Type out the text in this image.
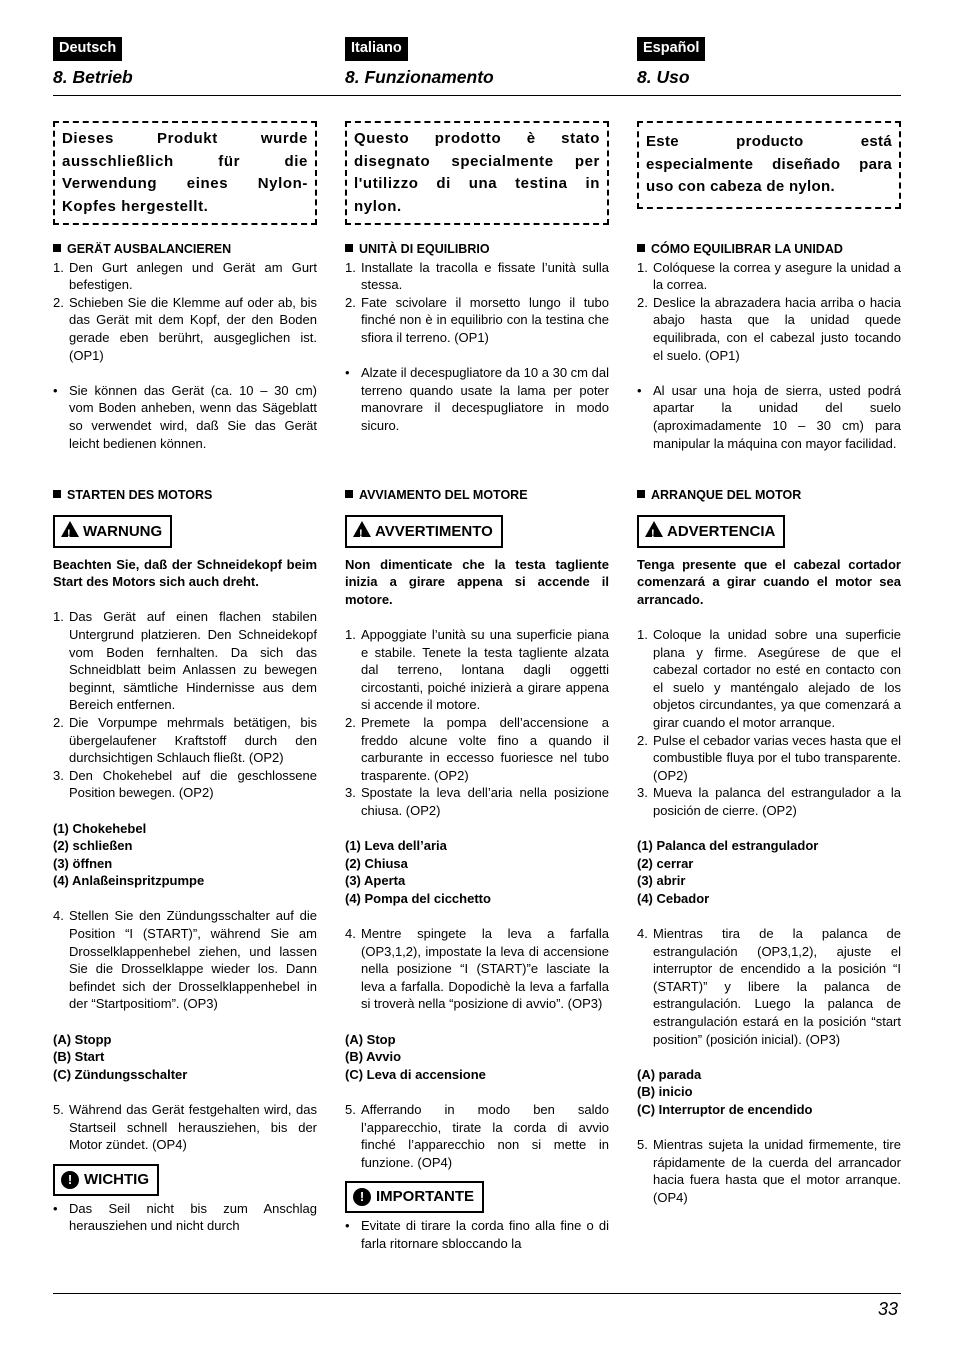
Deutsch
8. Betrieb
Dieses Produkt wurde ausschließlich für die Verwendung eines Nylon-Kopfes hergestellt.
GERÄT AUSBALANCIEREN
1. Den Gurt anlegen und Gerät am Gurt befestigen.
2. Schieben Sie die Klemme auf oder ab, bis das Gerät mit dem Kopf, der den Boden gerade eben berührt, ausgeglichen ist. (OP1)
• Sie können das Gerät (ca. 10 – 30 cm) vom Boden anheben, wenn das Sägeblatt so verwendet wird, daß Sie das Gerät leicht bedienen können.
STARTEN DES MOTORS
!WARNUNG
Beachten Sie, daß der Schneidekopf beim Start des Motors sich auch dreht.
1. Das Gerät auf einen flachen stabilen Untergrund platzieren. Den Schneidekopf vom Boden fernhalten. Da sich das Schneidblatt beim Anlassen zu bewegen beginnt, sämtliche Hindernisse aus dem Bereich entfernen.
2. Die Vorpumpe mehrmals betätigen, bis übergelaufener Kraftstoff durch den durchsichtigen Schlauch fließt. (OP2)
3. Den Chokehebel auf die geschlossene Position bewegen. (OP2)
(1) Chokehebel
(2) schließen
(3) öffnen
(4) Anlaßeinspritzpumpe
4. Stellen Sie den Zündungsschalter auf die Position “I (START)”, während Sie am Drosselklappenhebel ziehen, und lassen Sie die Drosselklappe wieder los. Dann befindet sich der Drosselklappenhebel in der “Startpositiom”. (OP3)
(A) Stopp
(B) Start
(C) Zündungsschalter
5. Während das Gerät festgehalten wird, das Startseil schnell herausziehen, bis der Motor zündet. (OP4)
! WICHTIG
• Das Seil nicht bis zum Anschlag herausziehen und nicht durch
Italiano
8. Funzionamento
Questo prodotto è stato disegnato specialmente per l'utilizzo di una testina in nylon.
UNITÀ DI EQUILIBRIO
1. Installate la tracolla e fissate l’unità sulla stessa.
2. Fate scivolare il morsetto lungo il tubo finché non è in equilibrio con la testina che sfiora il terreno. (OP1)
• Alzate il decespugliatore da 10 a 30 cm dal terreno quando usate la lama per poter manovrare il decespugliatore in modo sicuro.
AVVIAMENTO DEL MOTORE
!AVVERTIMENTO
Non dimenticate che la testa tagliente inizia a girare appena si accende il motore.
1. Appoggiate l’unità su una superficie piana e stabile. Tenete la testa tagliente alzata dal terreno, lontana dagli oggetti circostanti, poiché inizierà a girare appena si accende il motore.
2. Premete la pompa dell’accensione a freddo alcune volte fino a quando il carburante in eccesso fuoriesce nel tubo trasparente. (OP2)
3. Spostate la leva dell’aria nella posizione chiusa. (OP2)
(1) Leva dell’aria
(2) Chiusa
(3) Aperta
(4) Pompa del cicchetto
4. Mentre spingete la leva a farfalla (OP3,1,2), impostate la leva di accensione nella posizione “I (START)”e lasciate la leva a farfalla. Dopodichè la leva a farfalla si troverà nella “posizione di avvio”. (OP3)
(A) Stop
(B) Avvio
(C) Leva di accensione
5. Afferrando in modo ben saldo l’apparecchio, tirate la corda di avvio finché l’apparecchio non si mette in funzione. (OP4)
! IMPORTANTE
• Evitate di tirare la corda fino alla fine o di farla ritornare sbloccando la
Español
8. Uso
Este producto está especialmente diseñado para uso con cabeza de nylon.
CÓMO EQUILIBRAR LA UNIDAD
1. Colóquese la correa y asegure la unidad a la correa.
2. Deslice la abrazadera hacia arriba o hacia abajo hasta que la unidad quede equilibrada, con el cabezal justo tocando el suelo. (OP1)
• Al usar una hoja de sierra, usted podrá apartar la unidad del suelo (aproximadamente 10 – 30 cm) para manipular la máquina con mayor facilidad.
ARRANQUE DEL MOTOR
!ADVERTENCIA
Tenga presente que el cabezal cortador comenzará a girar cuando el motor sea arrancado.
1. Coloque la unidad sobre una superficie plana y firme. Asegúrese de que el cabezal cortador no esté en contacto con el suelo y manténgalo alejado de los objetos circundantes, ya que comenzará a girar cuando el motor arranque.
2. Pulse el cebador varias veces hasta que el combustible fluya por el tubo transparente. (OP2)
3. Mueva la palanca del estrangulador a la posición de cierre. (OP2)
(1) Palanca del estrangulador
(2) cerrar
(3) abrir
(4) Cebador
4. Mientras tira de la palanca de estrangulación (OP3,1,2), ajuste el interruptor de encendido a la posición “I (START)” y libere la palanca de estrangulación. Luego la palanca de estrangulación estará en la posición “start position” (posición inicial). (OP3)
(A) parada
(B) inicio
(C) Interruptor de encendido
5. Mientras sujeta la unidad firmemente, tire rápidamente de la cuerda del arrancador hacia fuera hasta que el motor arranque. (OP4)
33
